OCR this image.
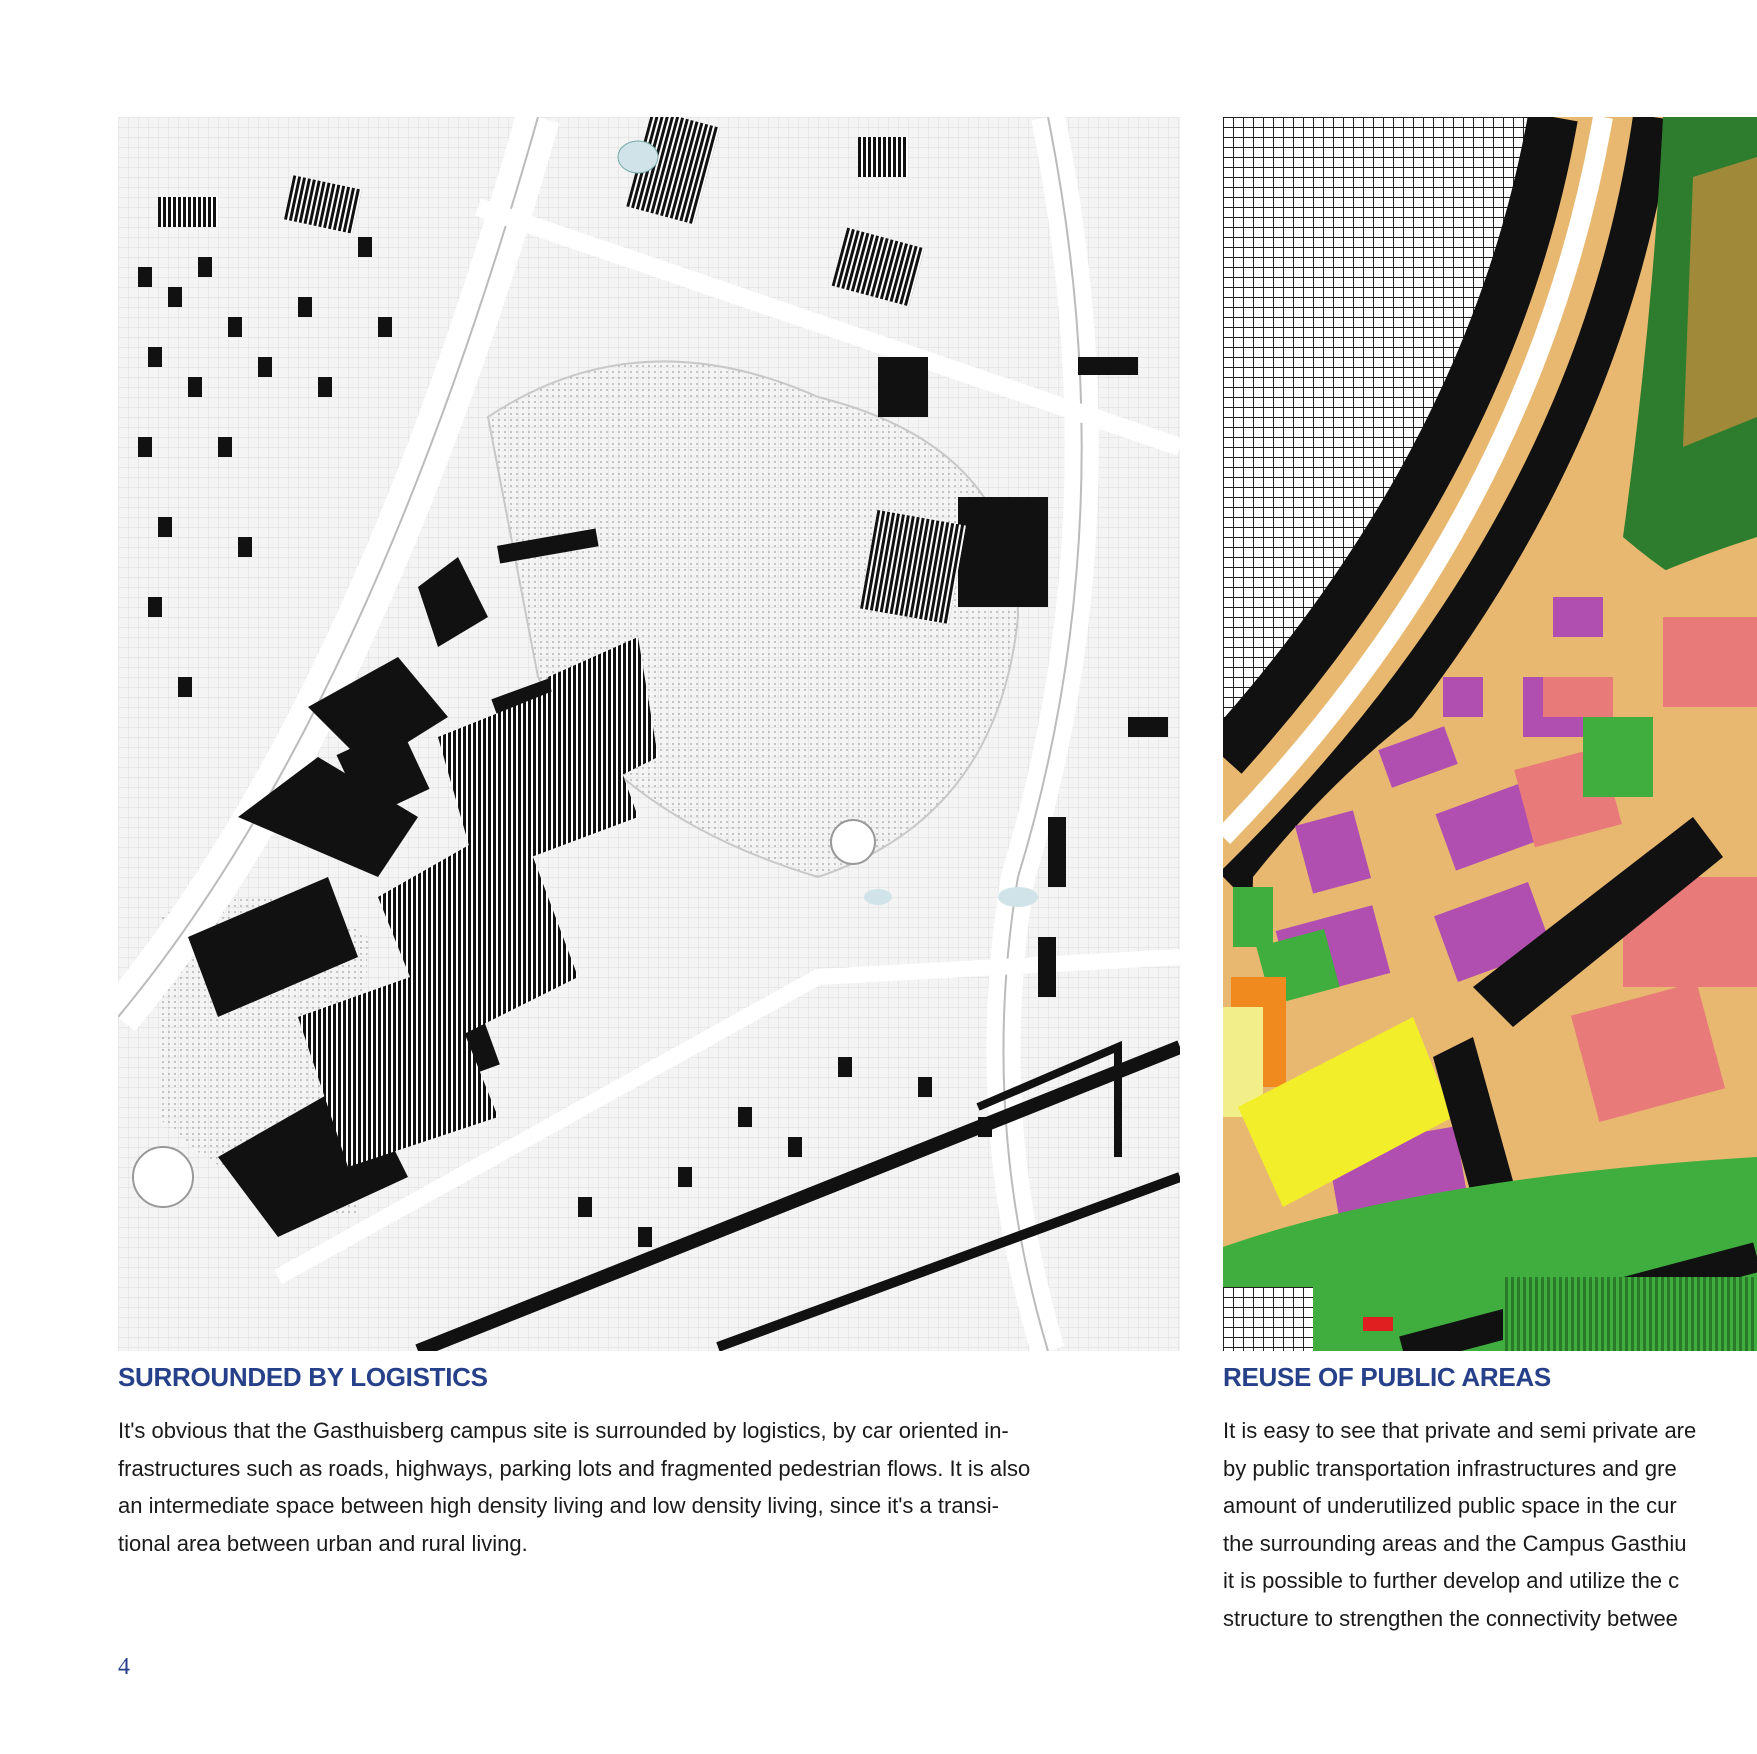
SURROUNDED BY LOGISTICS	REUSE OF PUBLIC AREAS

It's obvious that the Gasthuisberg campus site is surrounded by logistics, by car oriented in-
frastructures such as roads, highways, parking lots and fragmented pedestrian flows. It is also
an intermediate space between high density living and low density living, since it's a transi-
tional area between urban and rural living.

It is easy to see that private and semi private are
by public transportation infrastructures and gre
amount of underutilized public space in the cur
the surrounding areas and the Campus Gasthiu
it is possible to further develop and utilize the c
structure to strengthen the connectivity betwee

4
